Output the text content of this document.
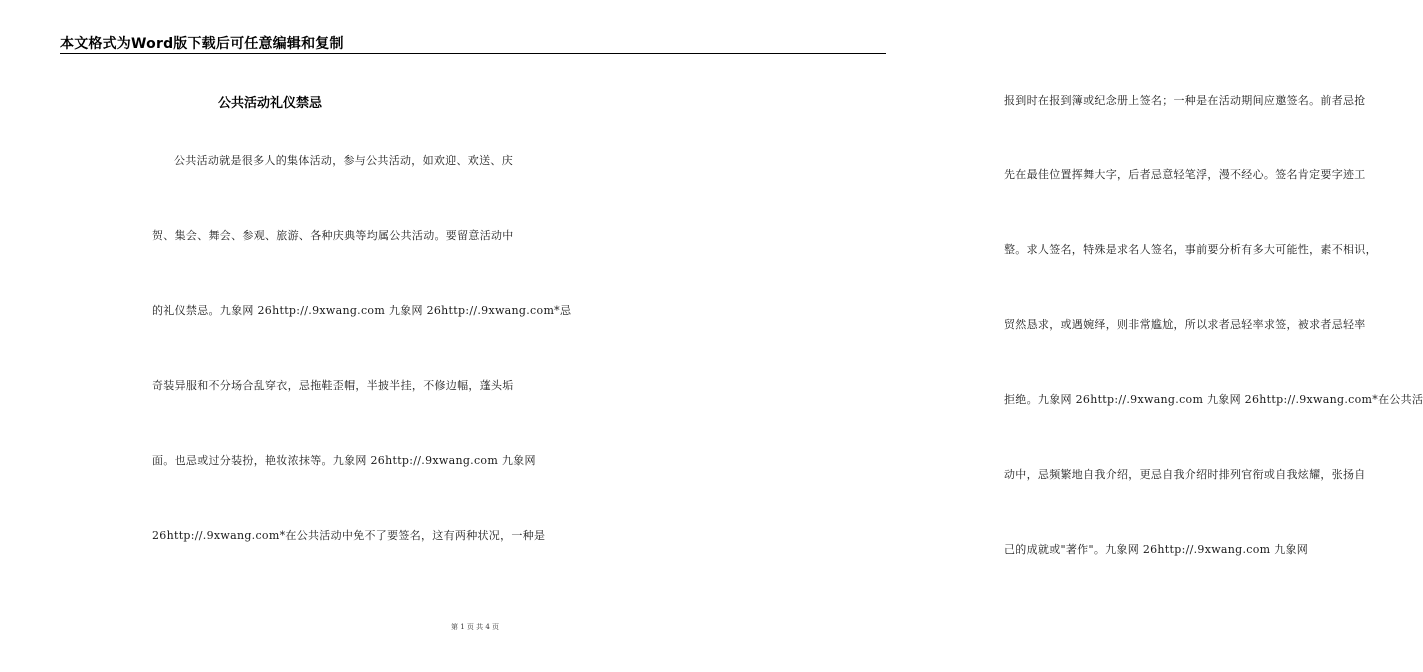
本文格式为Word版下载后可任意编辑和复制
公共活动礼仪禁忌
公共活动就是很多人的集体活动，参与公共活动，如欢迎、欢送、庆
贺、集会、舞会、参观、旅游、各种庆典等均属公共活动。要留意活动中
的礼仪禁忌。九象网 26http://.9xwang.com 九象网 26http://.9xwang.com*忌
奇装异服和不分场合乱穿衣，忌拖鞋歪帽，半披半挂，不修边幅，蓬头垢
面。也忌或过分装扮，艳妆浓抹等。九象网 26http://.9xwang.com 九象网
26http://.9xwang.com*在公共活动中免不了要签名，这有两种状况，一种是
报到时在报到簿或纪念册上签名；一种是在活动期间应邀签名。前者忌抢
先在最佳位置挥舞大字，后者忌意轻笔浮，漫不经心。签名肯定要字迹工
整。求人签名，特殊是求名人签名，事前要分析有多大可能性，素不相识，
贸然恳求，或遇婉绎，则非常尴尬，所以求者忌轻率求签，被求者忌轻率
拒绝。九象网 26http://.9xwang.com 九象网 26http://.9xwang.com*在公共活
动中，忌频繁地自我介绍，更忌自我介绍时排列官衔或自我炫耀，张扬自
己的成就或"著作"。九象网 26http://.9xwang.com 九象网
第 1 页 共 4 页
